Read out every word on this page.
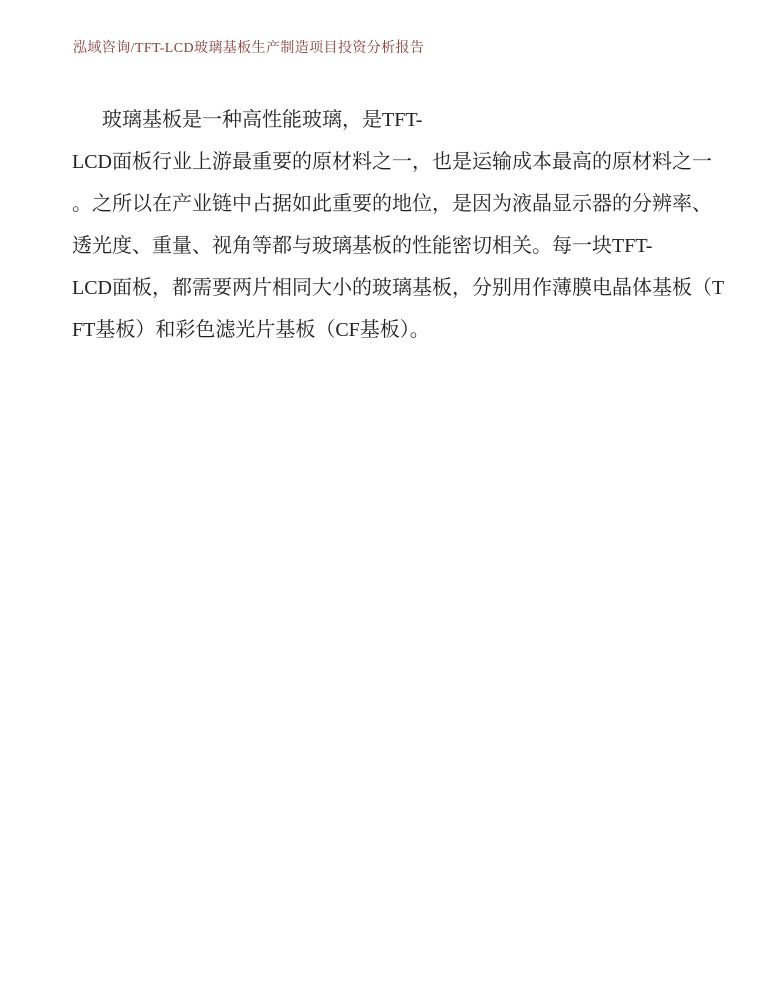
泓域咨询/TFT-LCD玻璃基板生产制造项目投资分析报告
玻璃基板是一种高性能玻璃，是TFT-
LCD面板行业上游最重要的原材料之一，也是运输成本最高的原材料之一
。之所以在产业链中占据如此重要的地位，是因为液晶显示器的分辨率、
透光度、重量、视角等都与玻璃基板的性能密切相关。每一块TFT-
LCD面板，都需要两片相同大小的玻璃基板，分别用作薄膜电晶体基板（T
FT基板）和彩色滤光片基板（CF基板）。
